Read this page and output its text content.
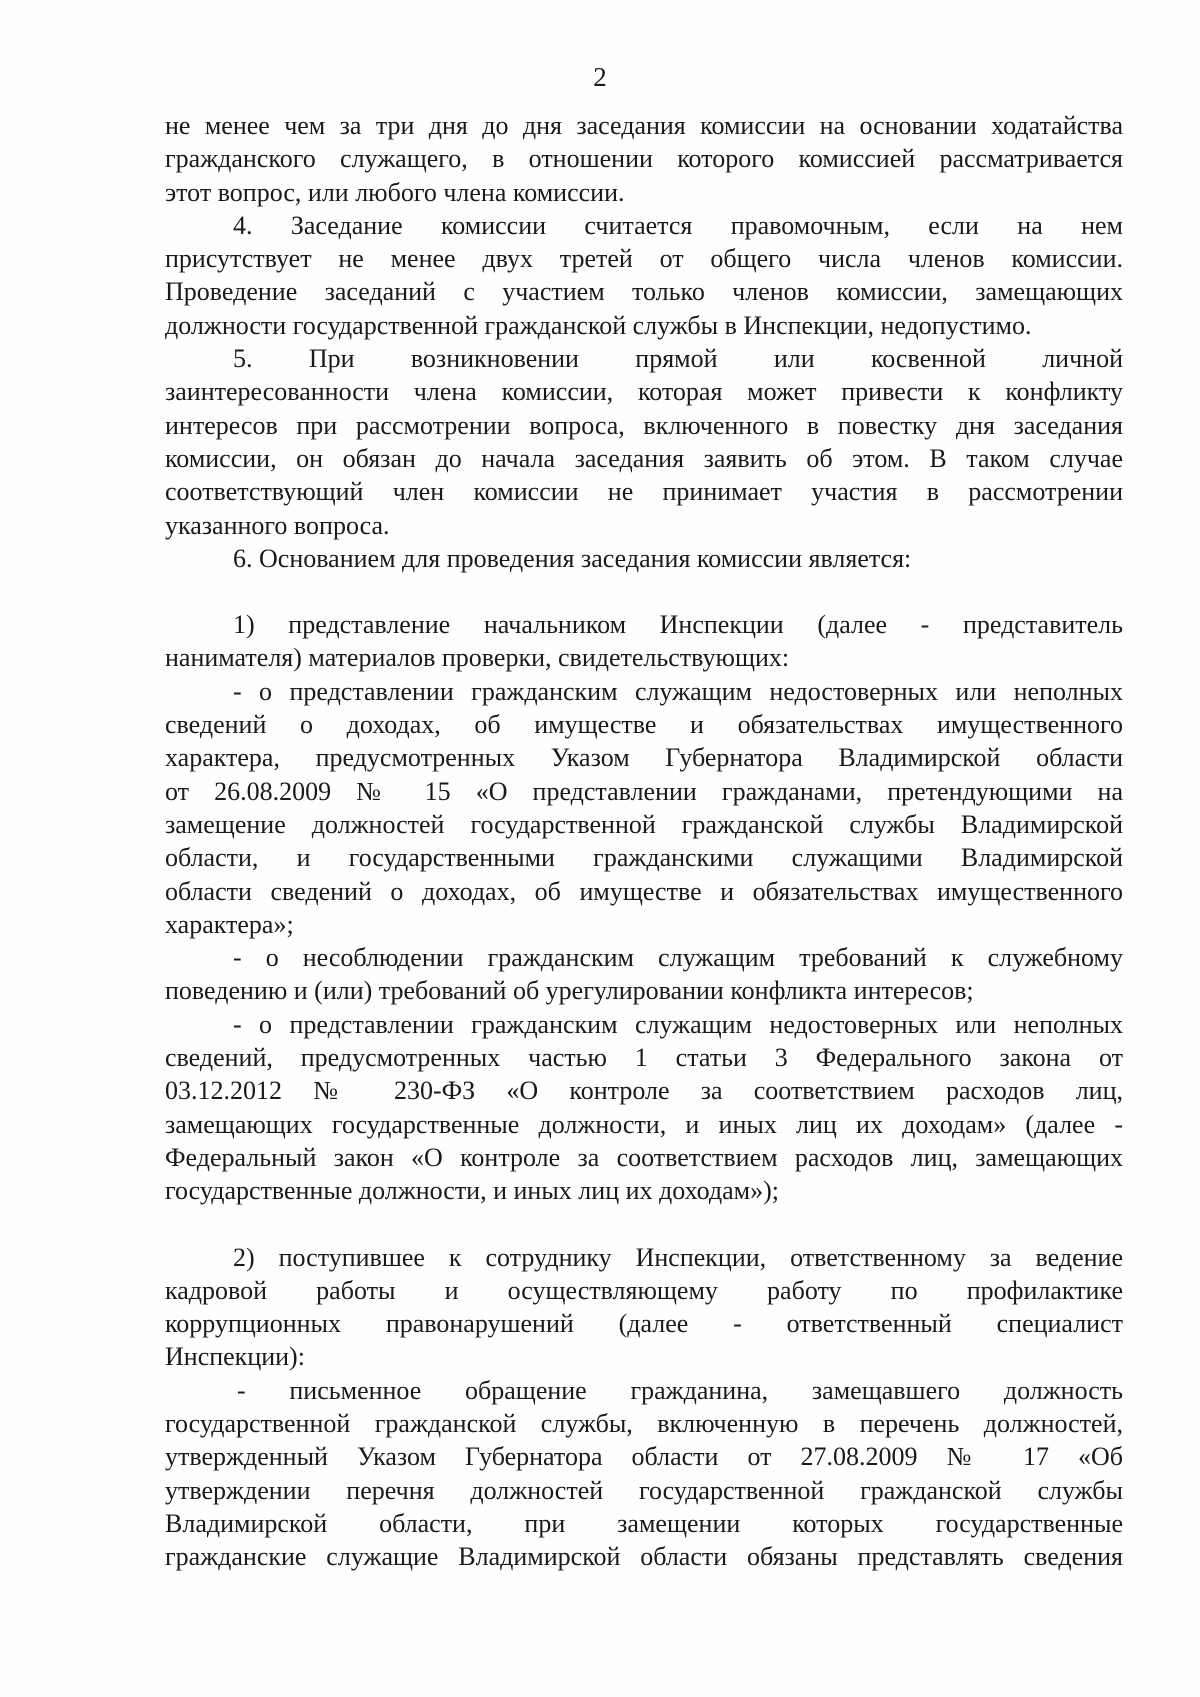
2
не менее чем за три дня до дня заседания комиссии на основании ходатайства
гражданского служащего, в отношении которого комиссией рассматривается
этот вопрос, или любого члена комиссии.
4. Заседание комиссии считается правомочным, если на нем
присутствует не менее двух третей от общего числа членов комиссии.
Проведение заседаний с участием только членов комиссии, замещающих
должности государственной гражданской службы в Инспекции, недопустимо.
5. При возникновении прямой или косвенной личной
заинтересованности члена комиссии, которая может привести к конфликту
интересов при рассмотрении вопроса, включенного в повестку дня заседания
комиссии, он обязан до начала заседания заявить об этом. В таком случае
соответствующий член комиссии не принимает участия в рассмотрении
указанного вопроса.
6. Основанием для проведения заседания комиссии является:
1) представление начальником Инспекции (далее - представитель
нанимателя) материалов проверки, свидетельствующих:
- о представлении гражданским служащим недостоверных или неполных
сведений о доходах, об имуществе и обязательствах имущественного
характера, предусмотренных Указом Губернатора Владимирской области
от 26.08.2009 № 15 «О представлении гражданами, претендующими на
замещение должностей государственной гражданской службы Владимирской
области, и государственными гражданскими служащими Владимирской
области сведений о доходах, об имуществе и обязательствах имущественного
характера»;
- о несоблюдении гражданским служащим требований к служебному
поведению и (или) требований об урегулировании конфликта интересов;
- о представлении гражданским служащим недостоверных или неполных
сведений, предусмотренных частью 1 статьи 3 Федерального закона от
03.12.2012 № 230-ФЗ «О контроле за соответствием расходов лиц,
замещающих государственные должности, и иных лиц их доходам» (далее -
Федеральный закон «О контроле за соответствием расходов лиц, замещающих
государственные должности, и иных лиц их доходам»);
2) поступившее к сотруднику Инспекции, ответственному за ведение
кадровой работы и осуществляющему работу по профилактике
коррупционных правонарушений (далее - ответственный специалист
Инспекции):
- письменное обращение гражданина, замещавшего должность
государственной гражданской службы, включенную в перечень должностей,
утвержденный Указом Губернатора области от 27.08.2009 № 17 «Об
утверждении перечня должностей государственной гражданской службы
Владимирской области, при замещении которых государственные
гражданские служащие Владимирской области обязаны представлять сведения
